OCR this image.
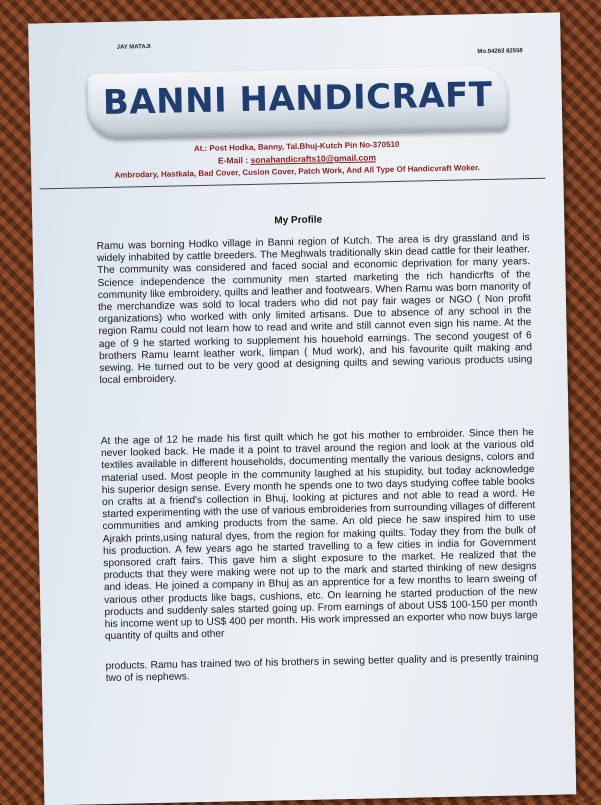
JAY MATAJI
Mo.94263 82558
BANNI HANDICRAFT
At.: Post Hodka, Banny, Tal.Bhuj-Kutch Pin No-370510
E-Mail : sonahandicrafts10@gmail.com
Ambrodary, Hastkala, Bad Cover, Cusion Cover, Patch Work, And All Type Of Handicvraft Woker.
My Profile
Ramu was borning Hodko village in Banni region of Kutch. The area is dry grassland and is widely inhabited by cattle breeders. The Meghwals traditionally skin dead cattle for their leather. The community was considered and faced social and economic deprivation for many years. Science independence the community men started marketing the rich handicrfts of the community like embroidery, quilts and leather and footwears. When Ramu was born manority of the merchandize was sold to local traders who did not pay fair wages or NGO ( Non profit organizations) who worked with only limited artisans. Due to absence of any school in the region Ramu could not learn how to read and write and still cannot even sign his name. At the age of 9 he started working to supplement his houehold earnings. The second yougest of 6 brothers Ramu learnt leather work, limpan ( Mud work), and his favourite quilt making and sewing. He turned out to be very good at designing quilts and sewing various products using local embroidery.
At the age of 12 he made his first quilt which he got his mother to embroider. Since then he never looked back. He made it a point to travel around the region and look at the various old textiles available in different households, documenting mentally the various designs, colors and material used. Most people in the community laughed at his stupidity, but today acknowledge his superior design sense. Every month he spends one to two days studying coffee table books on crafts at a friend's collection in Bhuj, looking at pictures and not able to read a word. He started experimenting with the use of various embroideries from surrounding villages of different communities and amking products from the same. An old piece he saw inspired him to use Ajrakh prints,using natural dyes, from the region for making quilts. Today they from the bulk of his production. A few years ago he started travelling to a few cities in india for Government sponsored craft fairs. This gave him a slight exposure to the market. He realized that the products that they were making were not up to the mark and started thinking of new designs and ideas. He joined a company in Bhuj as an apprentice for a few months to learn sweing of various other products like bags, cushions, etc. On learning he started production of the new products and suddenly sales started going up. From earnings of about US$ 100-150 per month his income went up to US$ 400 per month. His work impressed an exporter who now buys large quantity of quilts and other
products. Ramu has trained two of his brothers in sewing better quality and is presently training two of is nephews.
